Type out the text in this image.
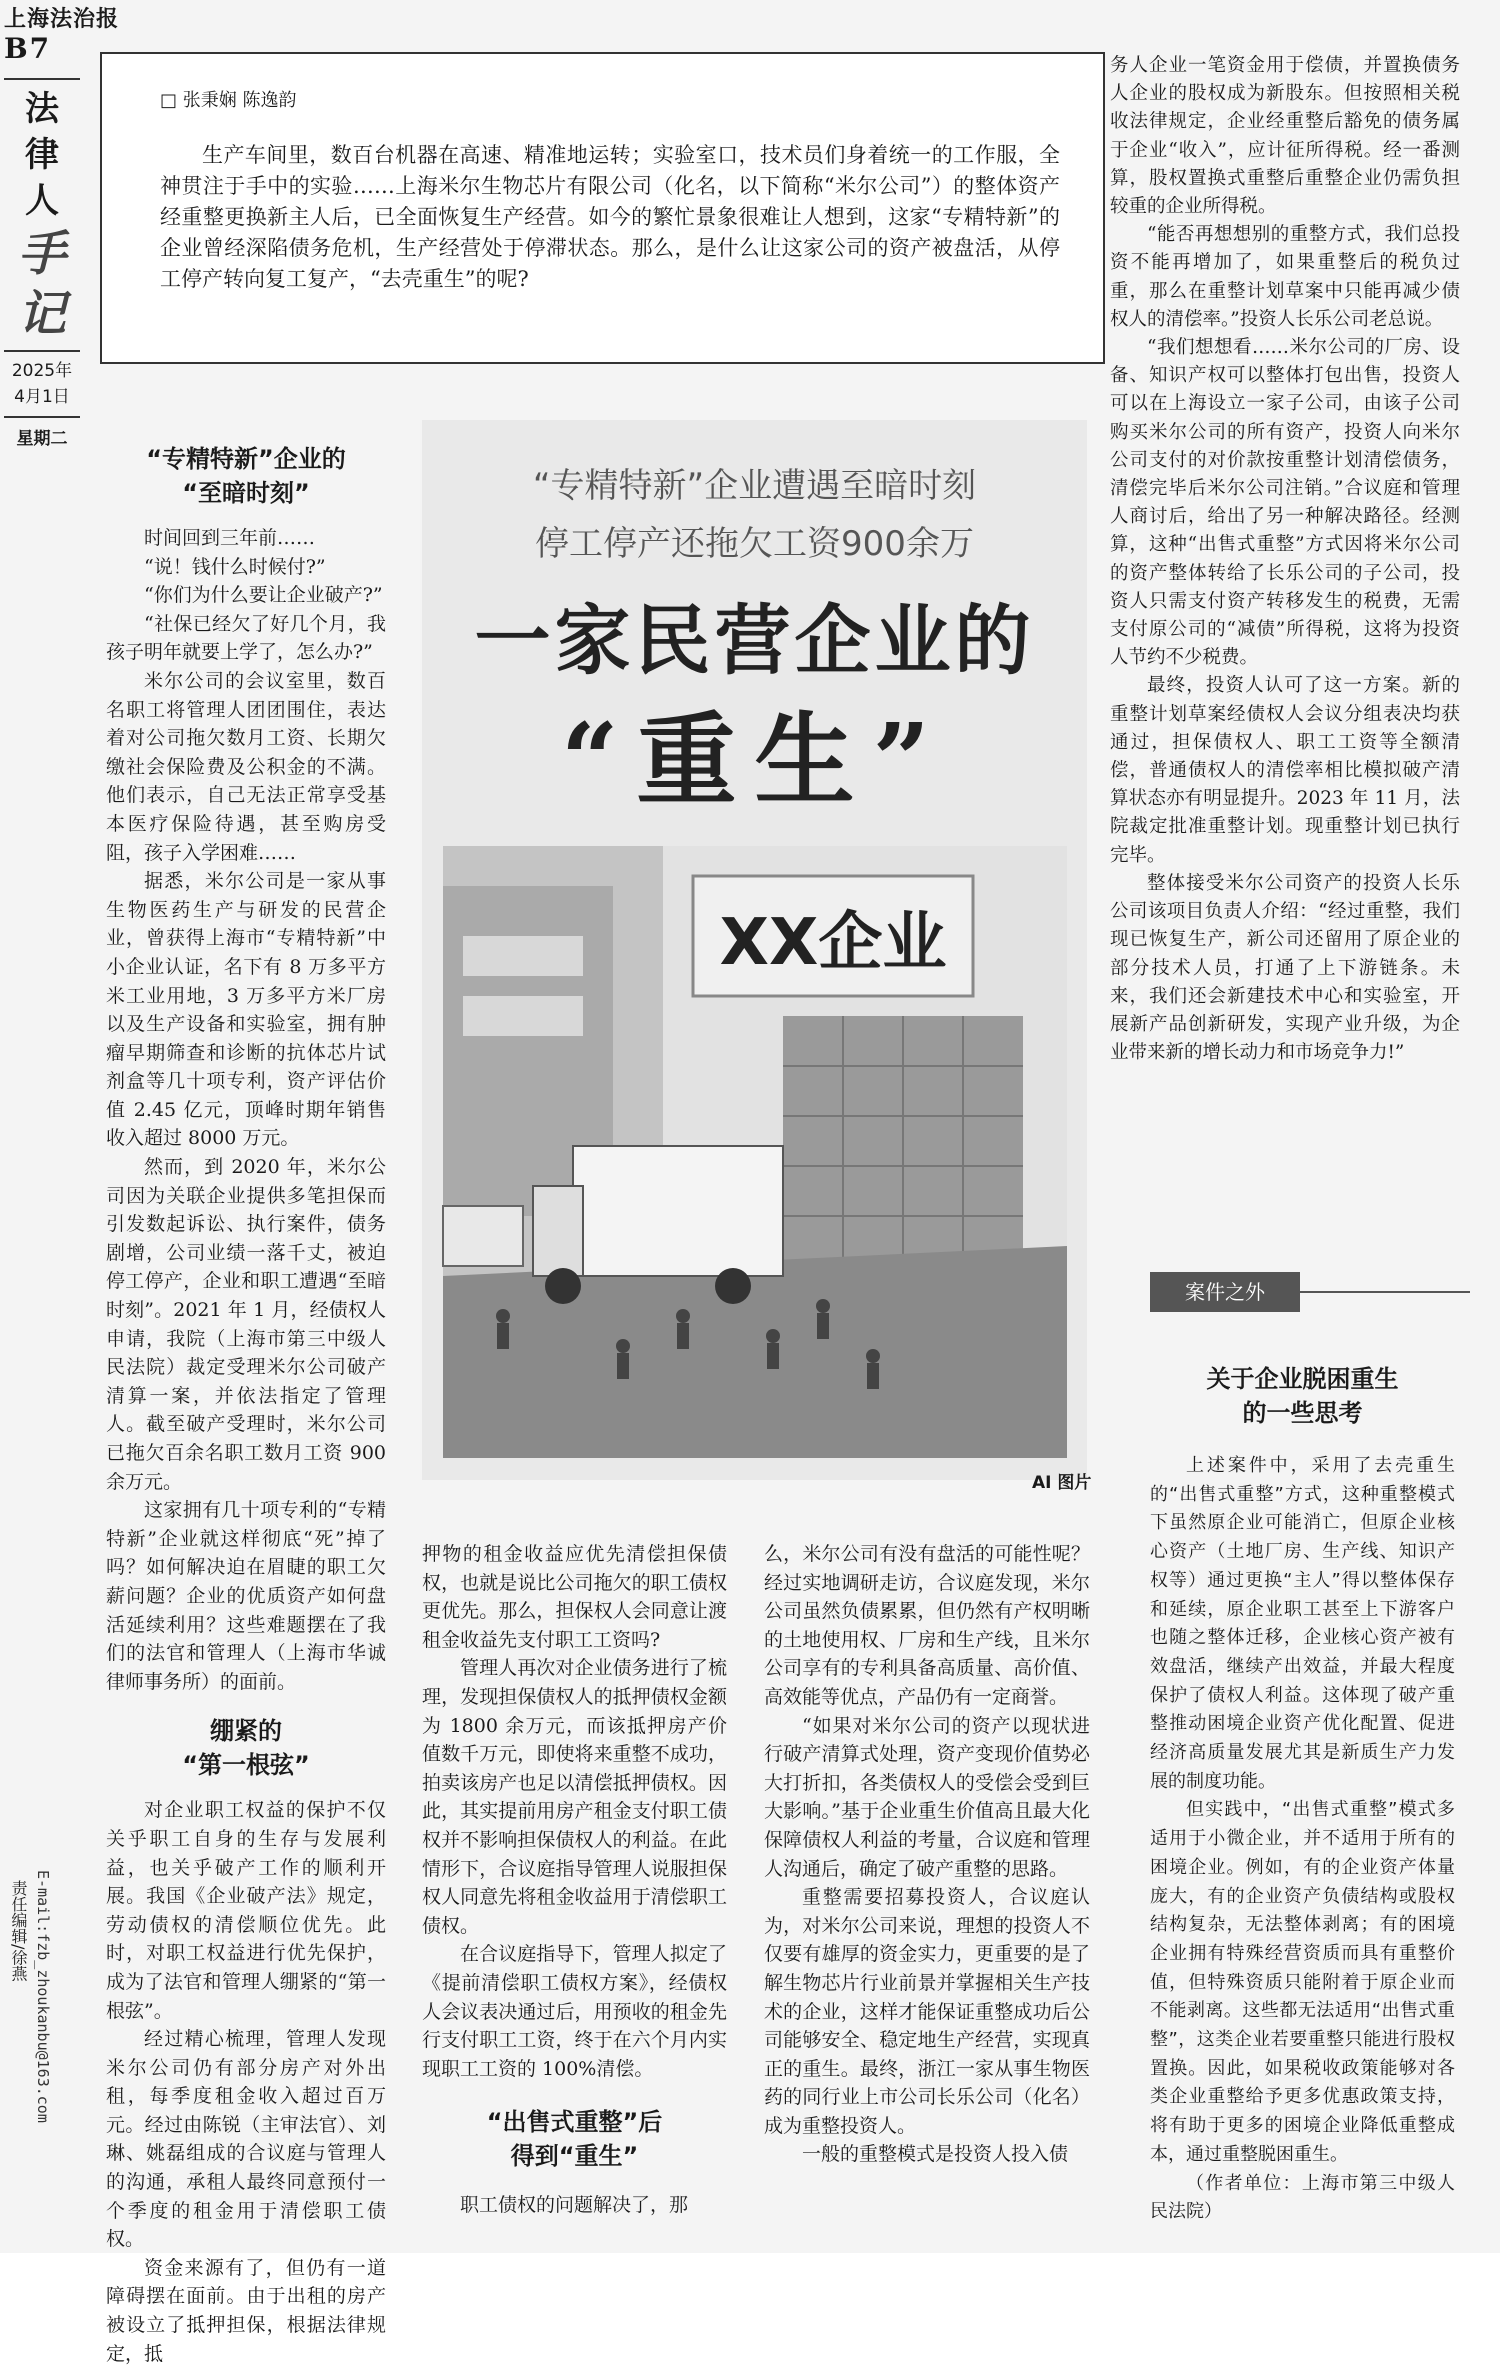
上海法治报
B7
法
律
人
手
记
2025年
4月1日
星期二
责任编辑/徐燕 E-mail:fzb_zhoukanbu@163.com
□ 张秉娴 陈逸韵
生产车间里，数百台机器在高速、精准地运转；实验室口，技术员们身着统一的工作服，全神贯注于手中的实验……上海米尔生物芯片有限公司（化名，以下简称“米尔公司”）的整体资产经重整更换新主人后，已全面恢复生产经营。如今的繁忙景象很难让人想到，这家“专精特新”的企业曾经深陷债务危机，生产经营处于停滞状态。那么，是什么让这家公司的资产被盘活，从停工停产转向复工复产，“去壳重生”的呢?
“专精特新”企业遭遇至暗时刻
停工停产还拖欠工资900余万
一家民营企业的
“重生”
XX企业
AI 图片
“专精特新”企业的
“至暗时刻”

时间回到三年前……

“说！钱什么时候付?”

“你们为什么要让企业破产?”

“社保已经欠了好几个月，我孩子明年就要上学了，怎么办?”

米尔公司的会议室里，数百名职工将管理人团团围住，表达着对公司拖欠数月工资、长期欠缴社会保险费及公积金的不满。他们表示，自己无法正常享受基本医疗保险待遇，甚至购房受阻，孩子入学困难……

据悉，米尔公司是一家从事生物医药生产与研发的民营企业，曾获得上海市“专精特新”中小企业认证，名下有 8 万多平方米工业用地，3 万多平方米厂房以及生产设备和实验室，拥有肿瘤早期筛查和诊断的抗体芯片试剂盒等几十项专利，资产评估价值 2.45 亿元，顶峰时期年销售收入超过 8000 万元。

然而，到 2020 年，米尔公司因为关联企业提供多笔担保而引发数起诉讼、执行案件，债务剧增，公司业绩一落千丈，被迫停工停产，企业和职工遭遇“至暗时刻”。2021 年 1 月，经债权人申请，我院（上海市第三中级人民法院）裁定受理米尔公司破产清算一案，并依法指定了管理人。截至破产受理时，米尔公司已拖欠百余名职工数月工资 900 余万元。

这家拥有几十项专利的“专精特新”企业就这样彻底“死”掉了吗？如何解决迫在眉睫的职工欠薪问题？企业的优质资产如何盘活延续利用？这些难题摆在了我们的法官和管理人（上海市华诚律师事务所）的面前。

绷紧的
“第一根弦”

对企业职工权益的保护不仅关乎职工自身的生存与发展利益，也关乎破产工作的顺利开展。我国《企业破产法》规定，劳动债权的清偿顺位优先。此时，对职工权益进行优先保护，成为了法官和管理人绷紧的“第一根弦”。

经过精心梳理，管理人发现米尔公司仍有部分房产对外出租，每季度租金收入超过百万元。经过由陈锐（主审法官）、刘琳、姚磊组成的合议庭与管理人的沟通，承租人最终同意预付一个季度的租金用于清偿职工债权。

资金来源有了，但仍有一道障碍摆在面前。由于出租的房产被设立了抵押担保，根据法律规定，抵

押物的租金收益应优先清偿担保债权，也就是说比公司拖欠的职工债权更优先。那么，担保权人会同意让渡租金收益先支付职工工资吗?

管理人再次对企业债务进行了梳理，发现担保债权人的抵押债权金额为 1800 余万元，而该抵押房产价值数千万元，即使将来重整不成功，拍卖该房产也足以清偿抵押债权。因此，其实提前用房产租金支付职工债权并不影响担保债权人的利益。在此情形下，合议庭指导管理人说服担保权人同意先将租金收益用于清偿职工债权。

在合议庭指导下，管理人拟定了《提前清偿职工债权方案》，经债权人会议表决通过后，用预收的租金先行支付职工工资，终于在六个月内实现职工工资的 100%清偿。

“出售式重整”后
得到“重生”

职工债权的问题解决了，那

么，米尔公司有没有盘活的可能性呢？经过实地调研走访，合议庭发现，米尔公司虽然负债累累，但仍然有产权明晰的土地使用权、厂房和生产线，且米尔公司享有的专利具备高质量、高价值、高效能等优点，产品仍有一定商誉。

“如果对米尔公司的资产以现状进行破产清算式处理，资产变现价值势必大打折扣，各类债权人的受偿会受到巨大影响。”基于企业重生价值高且最大化保障债权人利益的考量，合议庭和管理人沟通后，确定了破产重整的思路。

重整需要招募投资人，合议庭认为，对米尔公司来说，理想的投资人不仅要有雄厚的资金实力，更重要的是了解生物芯片行业前景并掌握相关生产技术的企业，这样才能保证重整成功后公司能够安全、稳定地生产经营，实现真正的重生。最终，浙江一家从事生物医药的同行业上市公司长乐公司（化名）成为重整投资人。

一般的重整模式是投资人投入债

务人企业一笔资金用于偿债，并置换债务人企业的股权成为新股东。但按照相关税收法律规定，企业经重整后豁免的债务属于企业“收入”，应计征所得税。经一番测算，股权置换式重整后重整企业仍需负担较重的企业所得税。

“能否再想想别的重整方式，我们总投资不能再增加了，如果重整后的税负过重，那么在重整计划草案中只能再减少债权人的清偿率。”投资人长乐公司老总说。

“我们想想看……米尔公司的厂房、设备、知识产权可以整体打包出售，投资人可以在上海设立一家子公司，由该子公司购买米尔公司的所有资产，投资人向米尔公司支付的对价款按重整计划清偿债务，清偿完毕后米尔公司注销。”合议庭和管理人商讨后，给出了另一种解决路径。经测算，这种“出售式重整”方式因将米尔公司的资产整体转给了长乐公司的子公司，投资人只需支付资产转移发生的税费，无需支付原公司的“减债”所得税，这将为投资人节约不少税费。

最终，投资人认可了这一方案。新的重整计划草案经债权人会议分组表决均获通过，担保债权人、职工工资等全额清偿，普通债权人的清偿率相比模拟破产清算状态亦有明显提升。2023 年 11 月，法院裁定批准重整计划。现重整计划已执行完毕。

整体接受米尔公司资产的投资人长乐公司该项目负责人介绍：“经过重整，我们现已恢复生产，新公司还留用了原企业的部分技术人员，打通了上下游链条。未来，我们还会新建技术中心和实验室，开展新产品创新研发，实现产业升级，为企业带来新的增长动力和市场竞争力!”

案件之外
关于企业脱困重生
的一些思考

上述案件中，采用了去壳重生的“出售式重整”方式，这种重整模式下虽然原企业可能消亡，但原企业核心资产（土地厂房、生产线、知识产权等）通过更换“主人”得以整体保存和延续，原企业职工甚至上下游客户也随之整体迁移，企业核心资产被有效盘活，继续产出效益，并最大程度保护了债权人利益。这体现了破产重整推动困境企业资产优化配置、促进经济高质量发展尤其是新质生产力发展的制度功能。

但实践中，“出售式重整”模式多适用于小微企业，并不适用于所有的困境企业。例如，有的企业资产体量庞大，有的企业资产负债结构或股权结构复杂，无法整体剥离；有的困境企业拥有特殊经营资质而具有重整价值，但特殊资质只能附着于原企业而不能剥离。这些都无法适用“出售式重整”，这类企业若要重整只能进行股权置换。因此，如果税收政策能够对各类企业重整给予更多优惠政策支持，将有助于更多的困境企业降低重整成本，通过重整脱困重生。

（作者单位：上海市第三中级人民法院）
